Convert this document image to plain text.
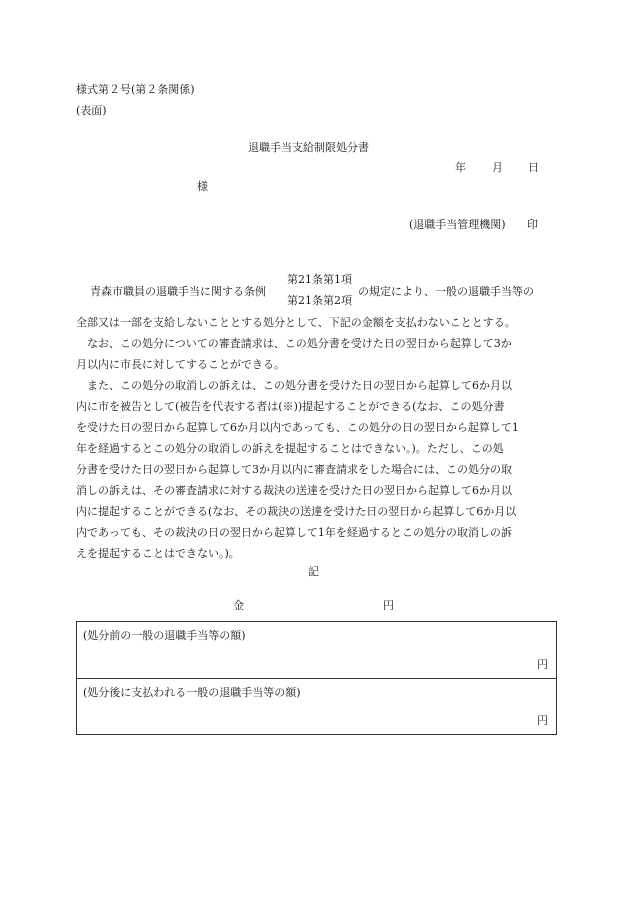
様式第２号(第２条関係)
(表面)
退職手当支給制限処分書
年 月 日
様
(退職手当管理機関) 印
青森市職員の退職手当に関する条例
第21条第1項
第21条第2項
の規定により、一般の退職手当等の
全部又は一部を支給しないこととする処分として、下記の金額を支払わないこととする。
　なお、この処分についての審査請求は、この処分書を受けた日の翌日から起算して3か
月以内に市長に対してすることができる。
　また、この処分の取消しの訴えは、この処分書を受けた日の翌日から起算して6か月以
内に市を被告として(被告を代表する者は(※))提起することができる(なお、この処分書
を受けた日の翌日から起算して6か月以内であっても、この処分の日の翌日から起算して1
年を経過するとこの処分の取消しの訴えを提起することはできない。)。ただし、この処
分書を受けた日の翌日から起算して3か月以内に審査請求をした場合には、この処分の取
消しの訴えは、その審査請求に対する裁決の送達を受けた日の翌日から起算して6か月以
内に提起することができる(なお、その裁決の送達を受けた日の翌日から起算して6か月以
内であっても、その裁決の日の翌日から起算して1年を経過するとこの処分の取消しの訴
えを提起することはできない。)。
記
金	円
(処分前の一般の退職手当等の額)
円
(処分後に支払われる一般の退職手当等の額)
円
